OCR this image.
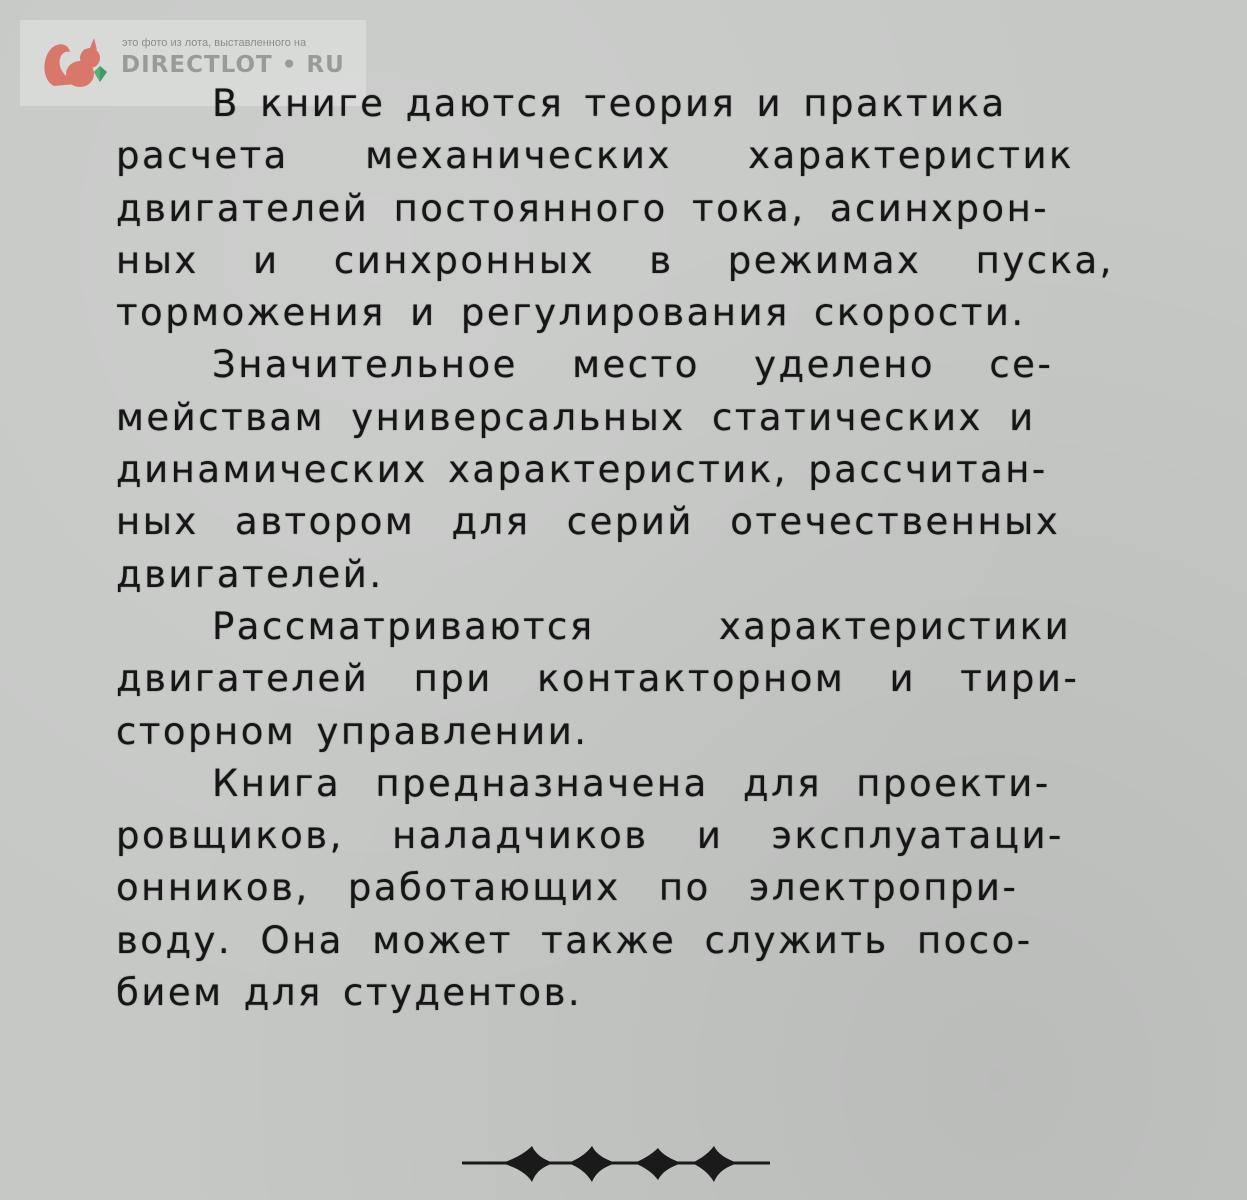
это фото из лота, выставленного на
DIRECTLOT • RU

В книге даются теория и практика
расчета механических характеристик
двигателей постоянного тока, асинхрон-
ных и синхронных в режимах пуска,
торможения и регулирования скорости.

Значительное место уделено се-
мействам универсальных статических и
динамических характеристик, рассчитан-
ных автором для серий отечественных
двигателей.

Рассматриваются характеристики
двигателей при контакторном и тири-
сторном управлении.

Книга предназначена для проекти-
ровщиков, наладчиков и эксплуатаци-
онников, работающих по электропри-
воду. Она может также служить посо-
бием для студентов.
